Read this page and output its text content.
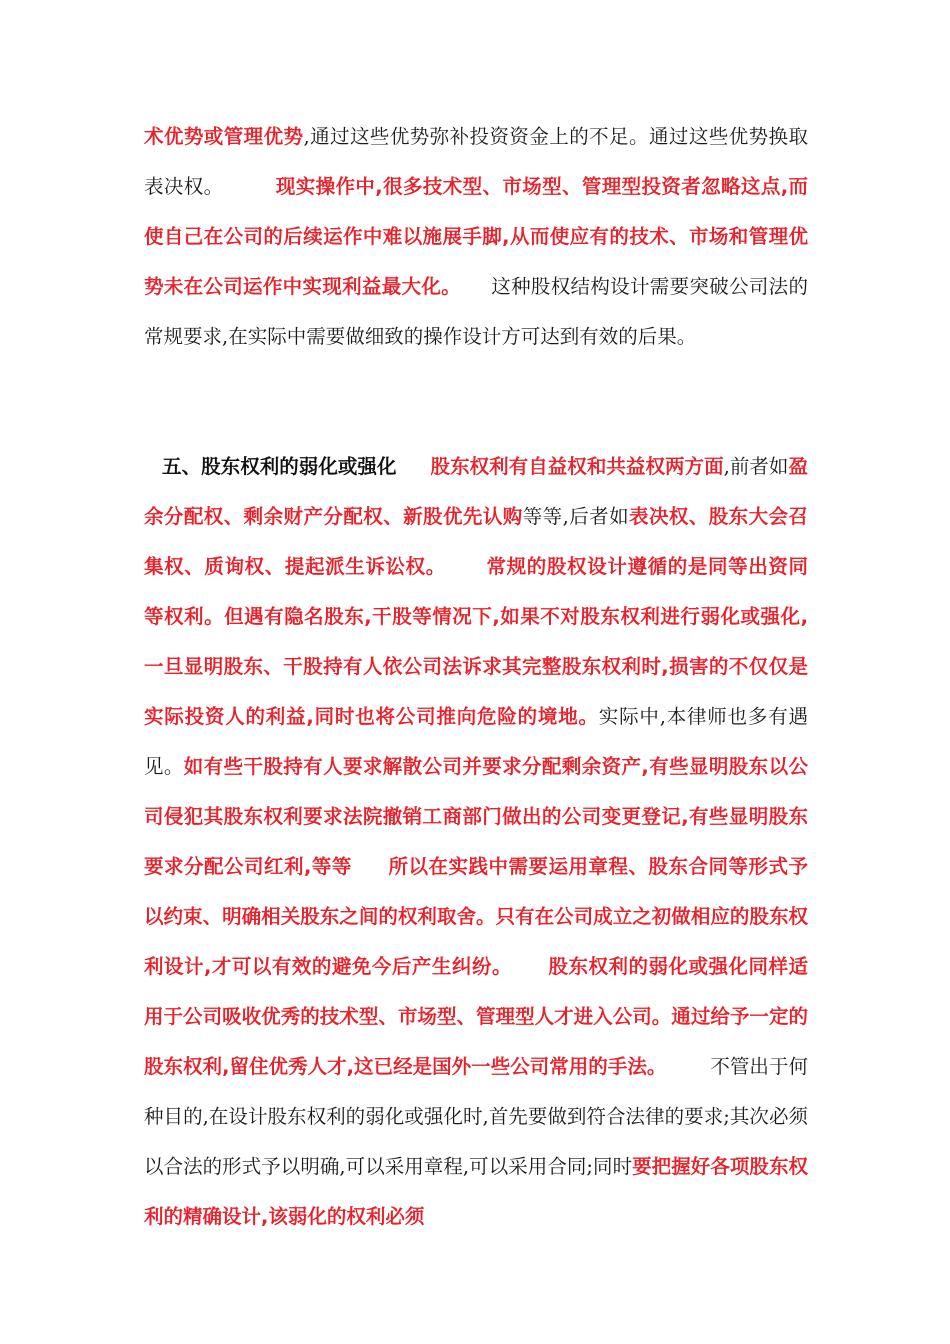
术优势或管理优势,通过这些优势弥补投资资金上的不足。通过这些优势换取表决权。	现实操作中,很多技术型、市场型、管理型投资者忽略这点,而使自己在公司的后续运作中难以施展手脚,从而使应有的技术、市场和管理优势未在公司运作中实现利益最大化。 这种股权结构设计需要突破公司法的常规要求,在实际中需要做细致的操作设计方可达到有效的后果。

五、股东权利的弱化或强化 股东权利有自益权和共益权两方面,前者如盈余分配权、剩余财产分配权、新股优先认购等等,后者如表决权、股东大会召集权、质询权、提起派生诉讼权。 常规的股权设计遵循的是同等出资同等权利。但遇有隐名股东,干股等情况下,如果不对股东权利进行弱化或强化,一旦显明股东、干股持有人依公司法诉求其完整股东权利时,损害的不仅仅是实际投资人的利益,同时也将公司推向危险的境地。实际中,本律师也多有遇见。如有些干股持有人要求解散公司并要求分配剩余资产,有些显明股东以公司侵犯其股东权利要求法院撤销工商部门做出的公司变更登记,有些显明股东要求分配公司红利,等等 所以在实践中需要运用章程、股东合同等形式予以约束、明确相关股东之间的权利取舍。只有在公司成立之初做相应的股东权利设计,才可以有效的避免今后产生纠纷。 股东权利的弱化或强化同样适用于公司吸收优秀的技术型、市场型、管理型人才进入公司。通过给予一定的股东权利,留住优秀人才,这已经是国外一些公司常用的手法。 不管出于何种目的,在设计股东权利的弱化或强化时,首先要做到符合法律的要求;其次必须以合法的形式予以明确,可以采用章程,可以采用合同;同时要把握好各项股东权利的精确设计,该弱化的权利必须
